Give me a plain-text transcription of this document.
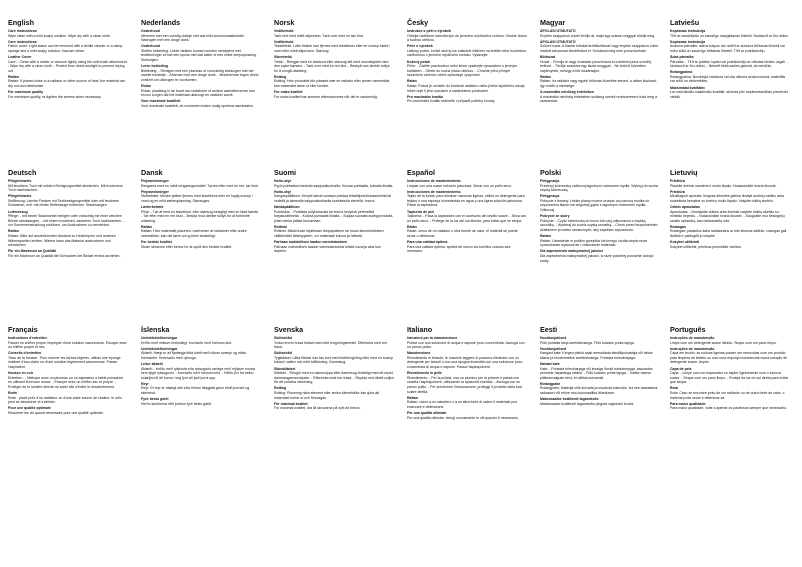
English
Care instructions
Wipe clean with a mild soapy solution. Wipe dry with a clean cloth.
Care instructions
Fabric cover: Light stains can be removed with a textile cleaner or a damp sponge and a mild soapy solution. Vacuum clean.
Leather Cover
Care: - Clean with a duster or vacuum lightly using the soft brush attachment. - Wipe dry with a clean cloth. - Protect from direct sunlight to prevent drying out.
Rattan
Rattan: If placed close to a radiator or other source of heat, the material can dry out and deteriorate.
For maximum quality
For maximum quality, re-tighten the screws when necessary.
Deutsch
Pflegehinweis
Mit feuchtem Tuch mit mildem Reinigungsmittel abwischen. Mit trockenem Tuch nachwischen.
Pflegehinweis
Stoffbezug: Leichte Flecken mit Textilreinigungsmittel oder mit feuchtem Schwamm, evtl. mit milder Seifenlauge entfernen. Staubsaugen.
Lederbezug
Pflege: - mit einem Staubwedel reinigen oder vorsichtig mit einer weichen Bürste staubsaugen. - mit einem trockenen, sauberen Tuch nachwischen. - vor Sonneneinstrahlung schützen, um Austrocknen zu vermeiden.
Rattan
Rattan: Bitte auf ausreichenden Abstand zu Heizkörpern und anderen Wärmequellen achten. Wärme kann das Material austrocknen und schwächen.
Für ein Maximum an Qualität
Für ein Maximum an Qualität die Schrauben bei Bedarf erneut anziehen.
Français
Instructions d'entretien
Passer un chiffon propre imprégné d'une solution savonneuse. Essuyer avec un chiffon propre et sec.
Conseils d'entretien
Tissu de la housse : Pour enlever les taches légères, utiliser une éponge imbibée d'eau claire ou d'une solution légèrement savonneuse. Passer l'aspirateur.
Housse en cuir
Entretien : - Nettoyer avec un plumeau ou un aspirateur à faible puissance en utilisant la brosse douce. - Essuyer avec un chiffon sec et propre. - Protéger de la lumière directe du soleil afin d'éviter le dessèchement.
Rotin
Rotin : placé près d'un radiateur ou d'une autre source de chaleur, le rotin peut se dessécher et s'abîmer.
Pour une qualité optimale
Resserrer les vis quand nécessaire pour une qualité optimale.
Nederlands
Onderhoud
Afnemen met een vochtig doekje met wat mild schoonmaakmiddel. Nadrogen met een droge doek.
Onderhoud
Stoffen bekleding: Lichte vlekken kunnen worden verwijderd met textielreiniger of met een spons met wat water of een milde zeepoplossing. Stofzuigen.
Leren bekleding
Bekleding: - Reinigen met een plumeau of voorzichtig stofzuigen met het zachte borstelje. - Afnemen met een droge doek. - Beschermen tegen direct zonlicht om uitdrogen te voorkomen.
Rotan
Rotan: plaatsing in de buurt van radiatoren of andere warmtebronnen kan ervoor zorgen dat het materiaal uitdroogt en zwakker wordt.
Voor maximale kwaliteit
Voor maximale kwaliteit, de schroeven indien nodig opnieuw aandraaien.
Dansk
Plejeanvisninger
Rengøres med en mildt rengøringsmiddel. Tørres efter med en ren, tør klud.
Plejeanvisninger
Stofbetræk: Mindre pletter fjernes med tekstilrens eller en fugtig svamp i vand og en mild sæbeopløsning. Støvsuges.
Læderbetræk
Pleje: - Tør af med en støveklud, eller støvsug forsigtigt med en blød børste. - Tør efter med en ren klud. - Beskyt mod direkte sollys for at forhindre udtørring.
Rattan
Rattan: Hvis materialet placeres i nærheden af radiatorer eller andre varmekilder, kan det tørre ud og blive skrøbeligt.
For bedste kvalitet
Stram skruerne efter behov for at opnå den bedste kvalitet.
Íslenska
Umhirðuleiðbeiningar
Þrífðu með mildum hreinsilegi. Þurrkaðu með hreinum klút.
Umhirðuleiðbeiningar
Áklæði: Hægt er að fjarlægja létta bletti með rökum svampi og mildu hreinsiefni. Hreinsaðu með ryksugu.
Leður áklæði
Áklæði: - Þrífðu með rykkústa eða ryksugaðu varlega með mjúkum bursta sem fylgir ryksugunni. - Þurrkaðu með hreinum klút. - Hlífðu því frá beinu sólarljósi til að koma í veg fyrir að það þorni upp.
Reyr
Reyr: Ef reyr er nálægt ofni eða öðrum hitagjafa getur efnið þornað og skemmst.
Fyrir bestu gæði
Herðu skrúfurnar eftir þörfum fyrir bestu gæði.
Norsk
Vedlikehold
Tørk rent med mildt såpevann. Tørk over med en tørr klut.
Vedlikehold
Tekstiltrekk: Lette flekker kan fjernes med tekstilrens eller en svamp fuktet i vann eller mildt såpevann. Støvsug.
Skinntrekk
Trekk: - Rengjør med en støvkost eller støvsug lett med munnstykket med den myke børsten. - Tørk over med en ren klut. - Beskytt mot direkte sollys for å unngå uttørking.
Rotting
Rotting: Hvis produktet blir plassert nær en radiator eller annen varmekilde, kan materialet tørke ut eller forvitre.
For maks kvalitet
For maks kvalitet bør skruene etterstrammes når det er nødvendig.
Suomi
Hoito-ohje
Pyyhi puhtaaksi miedolla saippualiuoksella. Kuivaa puhtaalla, kuivalla liinalla.
Hoito-ohje
Kangaspäällinen: Kevyet tahrat voidaan poistaa tekstiilipuhdistusaineella tai vedellä ja laimealla saippualiuoksella kostutetulla sienellä. Imuroi.
Nahkapäällinen
Puhdistus: - Puhdista pölyhuiskulla tai imuroi kevyesti pehmeällä harjasuuttimella. - Kuivaa puhtaalla liinalla. - Suojaa suoralta auringonvalolta, jottei nahka pääse kuivumaan.
Rottinki
Rottinki: Mikäli tuote sijoitetaan lämpöpatterin tai muun lämmönlähteen välittömään läheisyyteen, voi materiaali kuivua ja heiketä.
Parhaan mahdollisen laadun varmistaminen
Parhaan mahdollisen laadun varmistamiseksi kiristä ruuveja aina kun tarpeen.
Svenska
Skötselråd
Torka rent en trasa fuktad med mild rengöringsmedel. Eftertorka med torr trasa.
Skötselråd
Tygklädsel: Lätta fläckar kan tas bort med textilrengöring eller med en svamp fuktad i vatten och mild tvållösning. Dammsug.
Skinnklädsel
Klädsel: - Rengör med en dammvippa eller dammsug försiktigt med ett mjukt dammsugarmunstycke. - Eftertorka med torr trasa. - Skydda mot direkt solljus för att undvika uttorkning.
Rotting
Rotting: Placering nära element eller andra värmekällor kan göra att materialet torkar ut och försvagas.
För maximal kvalitet
För maximal kvalitet, dra åt skruvarna på nytt vid behov.
Česky
Instrukce k péči o výrobek
Otírejte hadříkem namočeným do jemného mýdlového roztoku. Osušte čistou a suchou utěrkou.
Péče o výrobek
Látkový potah: Lehké skvrny lze odstranit čističem na textilie nebo houbičkou navlhčenou v jemném mýdlovém roztoku. Vysávejte.
Kožený potah
Péče: - Čistěte prachovkou nebo lehce vysávejte vysavačem s jemným kartáčem. - Otřete do sucha čistou utěrkou. - Chraňte před přímým slunečním zářením, které způsobuje vysychání.
Ratan
Ratan: Pokud je umístěn do blízkosti radiátoru nebo jiného tepelného zdroje, může dojít k jeho vysušení a následnému poškození.
Pro maximální kvalitu
Pro maximální kvalitu utáhněte v případě potřeby šrouby.
Español
Instrucciones de mantenimiento
Limpiar con una suave solución jabonosa. Secar con un paño seco.
Instrucciones de mantenimiento
Tejido de la funda: para eliminar manchas ligeras, utiliza un detergente para tejidos o una esponja humedecida en agua y una ligera solución jabonosa. Pasar la aspiradora.
Tapicería de piel
Tapicería: - Pasa la aspiradora con el accesorio del cepillo suave. - Seca con un paño seco. - Protege de la luz del sol directa, para evitar que se seque.
Ratán
Ratán: cerca de un radiador u otra fuente de calor, el material se puede secar o deteriorar.
Para una calidad óptima
Para una calidad óptima, aprieta de nuevo los tornillos cuando sea necesario.
Italiano
Istruzioni per la manutenzione
Pulisci con una soluzione di acqua e sapone poco concentrata. Asciuga con un panno pulito.
Manutenzione
Rivestimento in tessuto: le macchie leggere si possono eliminare con un detergente per tessuti o con una spugna inumidita con una soluzione poco concentrata di acqua e sapone. Passa l'aspirapolvere.
Rivestimento in pelle
Rivestimento: - Per la pulizia, usa un piumino per la polvere e passa con cautela l'aspirapolvere, utilizzando la spazzola morbida. - Asciuga con un panno pulito. - Per prevenirne l'essiccazione, proteggi il prodotto dalla luce solare diretta.
Rattan
Rattan: vicino a un calorifero o a un'altra fonte di calore il materiale può essiccare e deteriorarsi.
Per una qualità ottimale
Per una qualità ottimale, stringi nuovamente le viti quando è necessario.
Magyar
ÁPOLÁSI ÚTMUTATÓ
Enyhén szappanos vízzel törölje át, majd egy száraz ronggyal törölje meg.
ÁPOLÁSI ÚTMUTATÓ
Szövet huzat: A kisebb foltokat textiltisztítóval vagy enyhén szappanos vízbe mártott szivaccsal távolíthatod el. Szívással meg nem porszívózható.
Bőrhuzat
Huzat: - Porolja le vagy óvatosan porszívózza ki a kefével puha szívófej kefével. - Törölje szárazra egy tiszta ronggyal. - Ne tedd ki közvetlen napfénynek, nehogy a bőr kiszáradjon.
Rattan
Rattan: ha radiátor vagy egyéb hőforrás közelébe teszed, a rattan kiszárad, így romlik a minősége.
A maximális minőség érdekében
A maximális minőség érdekében szükség szerint rendszeresen húzd meg a csavarokat.
Polski
Pielęgnacja
Przetrzyj ściereczką zwilżoną łagodnym roztworem mydła. Wytrzyj do sucha czystą ściereczką.
Pielęgnacja
Pokrycie z tkaniny: Lekkie plamy można usuwać za pomocą środka do czyszczenia tkanin lub wilgotnej gąbki z łagodnym roztworem mydła. Odkurzaj.
Pokrycie ze skóry
Pokrycie: - Czyść ściereczką do kurzu lub użyj odkurzacza z miękką szczotką. - Wycieraj do sucha czystą szmatką. - Chroń przed bezpośrednim działaniem promieni słonecznych, aby zapobiec wysuszeniu.
Rattan
Rattan: Ustawienie w pobliżu grzejnika lub innego źródła ciepła może spowodować wysuszenie i zniszczenie materiału.
Dla zapewnienia maksymalnej jakości
Dla zapewnienia maksymalnej jakości, w razie potrzeby ponownie dokręć śruby.
Eesti
Hooldusjuhised
Pühi puhtaks lahja seebilahusega. Pühi kuivaks puhta lapiga.
Hooldusjuhised
Kangast kate: Kerged plekid saab eemaldada tekstiilipuhastaja või niiske käsna ja õrnatoimelise seebilahusega. Puhasta tolmuimejaga.
Nahast kate
Kate: - Puhasta tolmuharjaga või imuriga õrnalt tolmuimejaga, kasutades pehmete harjastega otsikut. - Pühi kuivaks puhta lapiga. - Kaitse otsese päikesevalguse eest, et vältida kuivamist.
Rotangpalm
Rotangpalm: Materjal võib kuivada ja muutuda kulunuks, kui see asetatakse radiaatori või mõne muu kuumaallika lähedusse.
Maksimaalse kvaliteedi tagamiseks
Maksimaalse kvaliteedi tagamiseks pinguta vajadusel kruvid.
Latviešu
Kopšanas instrukcija
Tīrīt ar saudzējošu un saudzīgu mazgāšanas līdzekli. Noslaucīt ar tīru drānu.
Kopšanas instrukcija
Auduma pārvalks: dažus traipus var notīrīt ar auduma tīrīšanas līdzekli vai mitru sūkli un saudzīgu tīrīšanas līdzekli. Tīrīt ar putekļsūcēju.
Ādas pārvalks
Pārvalks: - Tīrīt ar putekļu lupatu vai putekļsūcēju ar mīkstas birstes uzgali. - Noslaucīt ar tīru drānu. - Neturēt tiešā saules gaismā, lai neizžūtu.
Rotangpalma
Rotangpalma: Novietojot radiatora vai cita siltuma avota tuvumā, materiāls var izžūt un deformēties.
Maksimālai kvalitātei
Lai nodrošinātu maksimālu kvalitāti, skrūves pēc nepieciešamības pievelciet ciešāk.
Lietuvių
Priežiūra
Plaukite švelniu vandens ir muilo tirpalu. Nusausinkite švaria šluoste.
Priežiūra
Medžiaginė apmuša: lengvas dėmeles galima išvalyti audinių valikliu arba sudrėkinta kempine su švelniu muilo tirpalu. Valykite dulkių siurbliu.
Odinis apmušalas
Apmušalas: - Nuvalykite dulkes arba švelniai valykite dulkių siurbliu su minkštu šepečiu. - Nusausinkite švaria šluoste. - Saugokite nuo tiesioginių saulės spindulių, kad neišsausėtų oda.
Rotangas
Rotangas: pastačius šalia radiatoriaus ar kito šilumos šaltinio, rotangas gali išdžiūti ir pablogėti jo kokybė.
Kokybei užtikrinti
Kokybei užtikrinti, prireikus priveržkite varžtus.
Português
Instruções de manutenção
Limpe com um detergente suave diluído. Seque com um pano limpo.
Instruções de manutenção
Capa em tecido: as nódoas ligeiras podem ser removidas com um produto para limpeza de têxteis ou com uma esponja humedecida numa solução de detergente suave. Aspire.
Capa de pele
Capa: - Limpe com um espanador ou aspire ligeiramente com o escova suave. - Seque com um pano limpo. - Proteja da luz do sol direta para evitar que seque.
Rota
Rota: Caso se encontre junto de um radiador ou de outra fonte de calor, o material pode secar e deteriorar-se.
Para maior qualidade
Para maior qualidade, volte a apertar os parafusos sempre que necessário.
